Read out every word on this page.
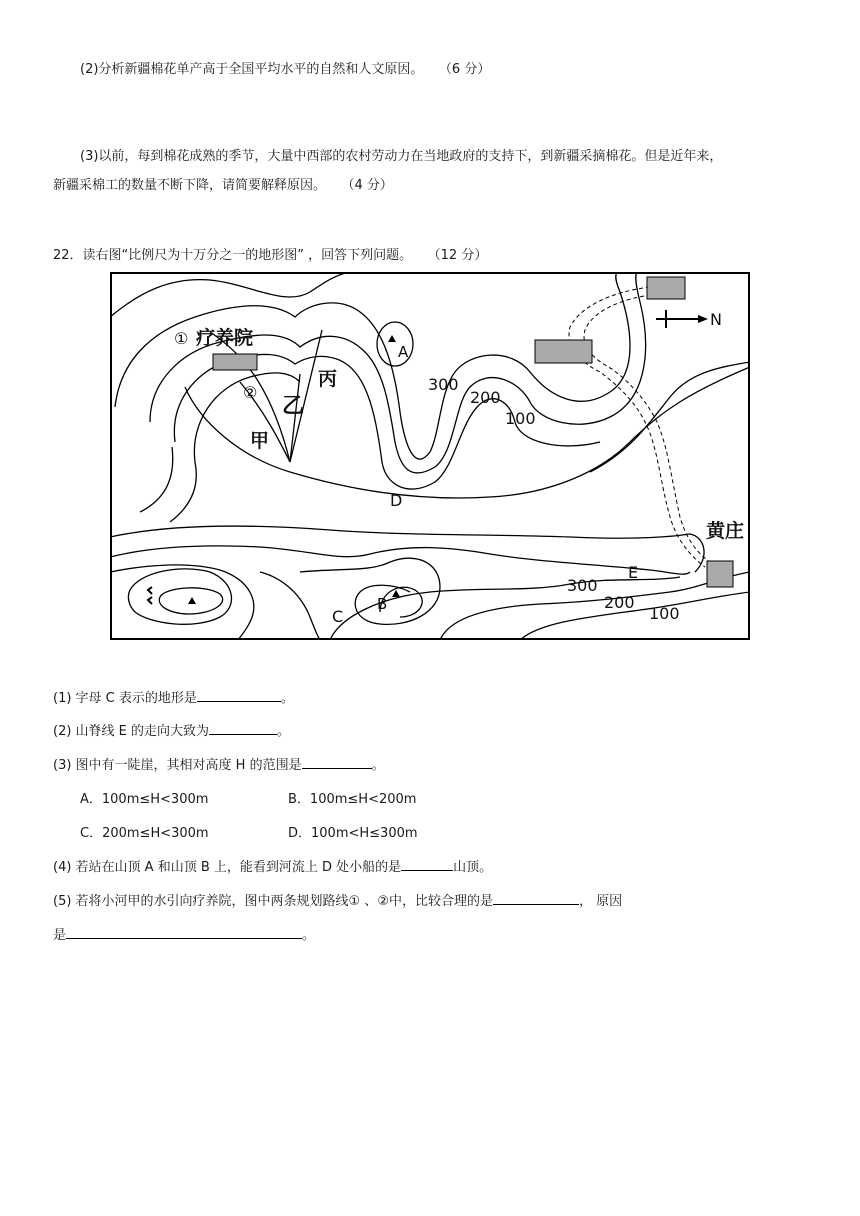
(2)分析新疆棉花单产高于全国平均水平的自然和人文原因。 （6 分）
(3)以前，每到棉花成熟的季节，大量中西部的农村劳动力在当地政府的支持下，到新疆采摘棉花。但是近年来，
新疆采棉工的数量不断下降，请简要解释原因。 （4 分）
22．读右图“比例尺为十万分之一的地形图” ，回答下列问题。 （12 分）
N
A
B
① 疗养院
②
甲
乙
丙	300
200
100
D
黄庄
E
300
200
100
C
(1) 字母 C 表示的地形是	。
(2) 山脊线 E 的走向大致为	。
(3) 图中有一陡崖，其相对高度 H 的范围是	。
A．100m≤H<300m	B．100m≤H<200m
C．200m≤H<300m	D．100m<H≤300m
(4) 若站在山顶 A 和山顶 B 上，能看到河流上 D 处小船的是	山顶。
(5) 若将小河甲的水引向疗养院，图中两条规划路线① 、②中，比较合理的是	， 原因
是	。
